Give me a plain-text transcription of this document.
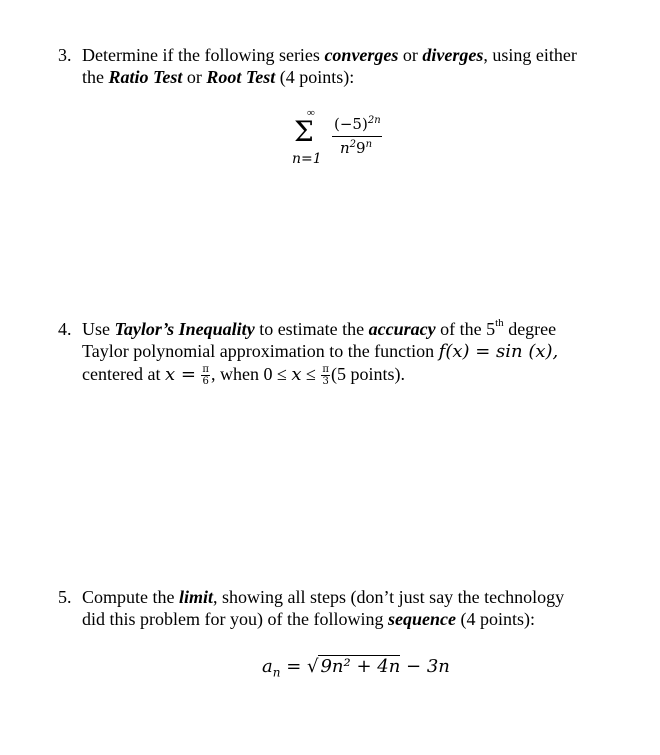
3. Determine if the following series converges or diverges, using either
the Ratio Test or Root Test (4 points):
∞
Σ
n=1
$(-5)^{2n}$
$n^29^n$
4. Use Taylor’s Inequality to estimate the accuracy of the 5th degree
Taylor polynomial approximation to the function f(x) = sin (x),
centered at $x = \frac{\pi}{6}$ , when $0 \le x \le \frac{\pi}{3} (5$ points).
5. Compute the limit, showing all steps (don’t just say the technology
did this problem for you) of the following sequence (4 points):
$a_n$ = √ 9n² + 4n − 3n
